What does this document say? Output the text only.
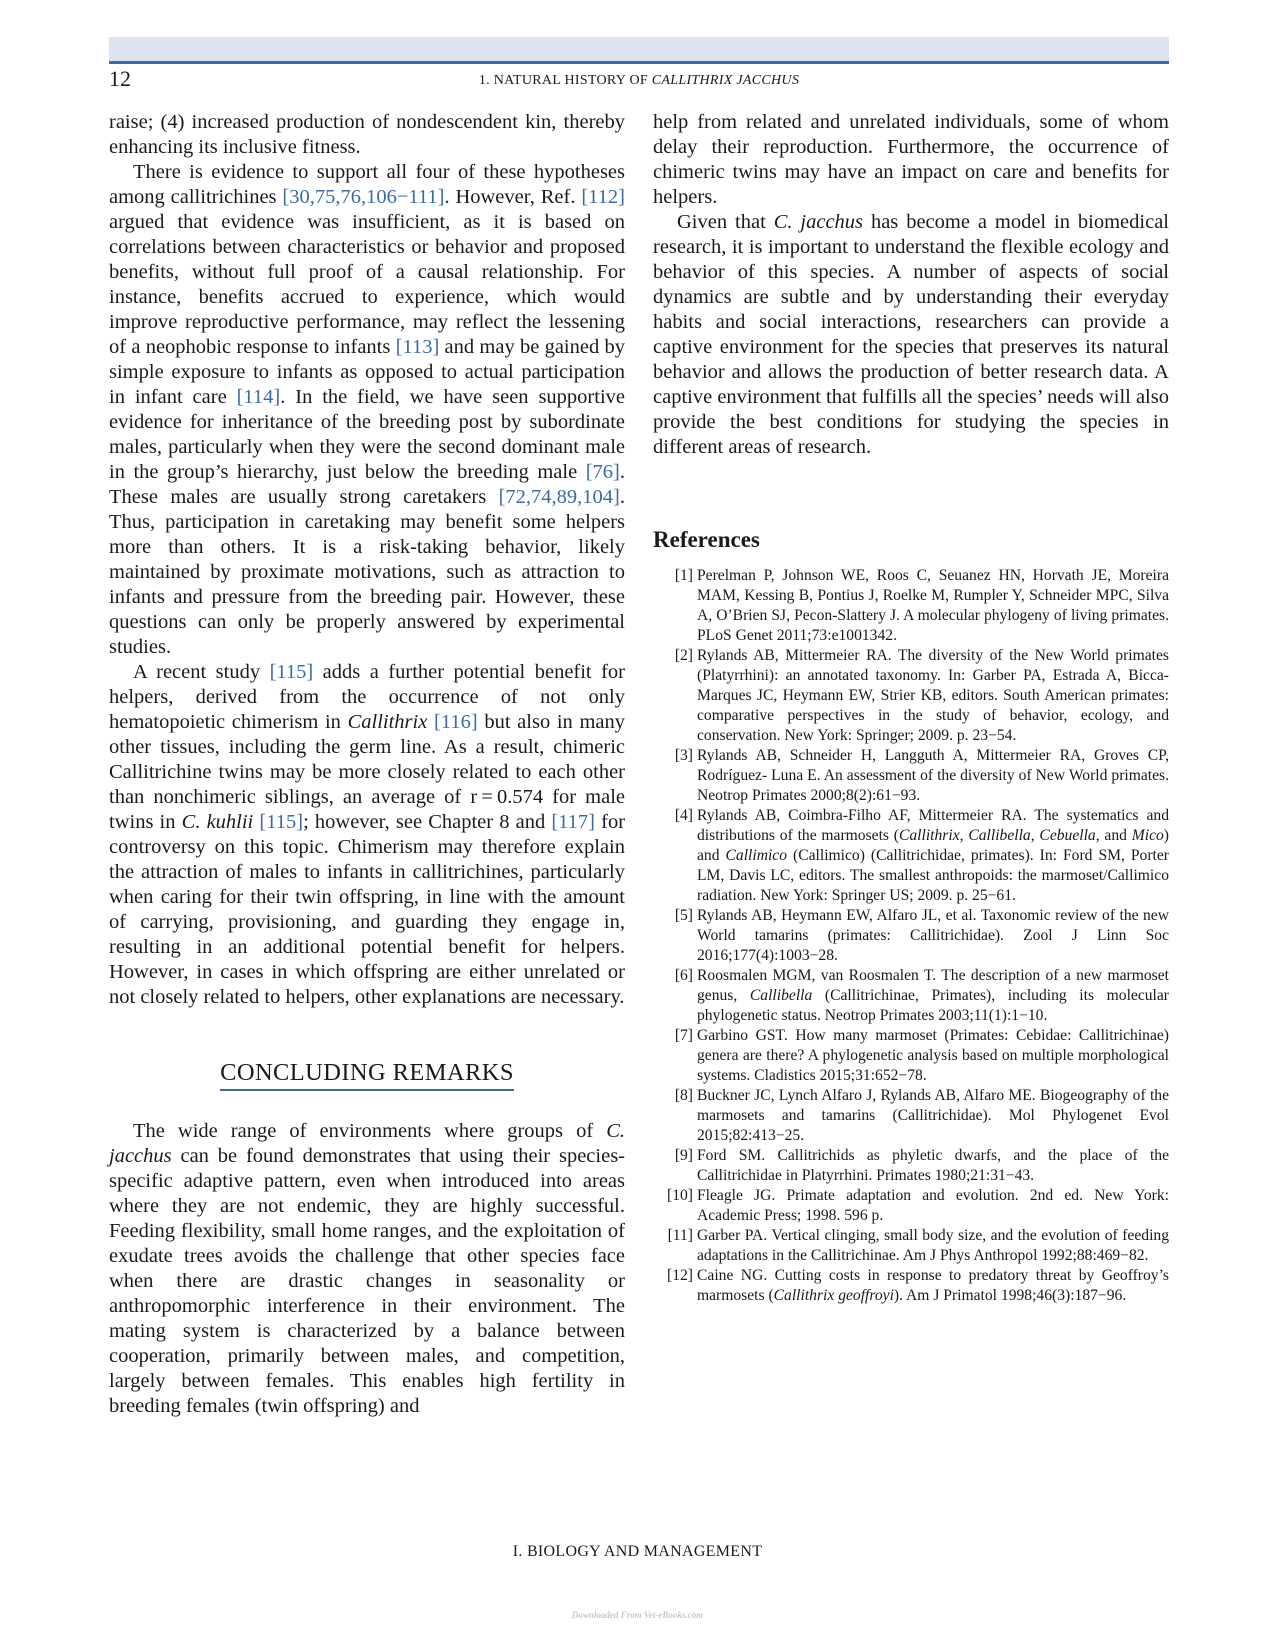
12	1. NATURAL HISTORY OF CALLITHRIX JACCHUS

raise; (4) increased production of nondescendent kin, thereby enhancing its inclusive fitness.

There is evidence to support all four of these hypotheses among callitrichines [30,75,76,106−111]. However, Ref. [112] argued that evidence was insufficient, as it is based on correlations between characteristics or behavior and proposed benefits, without full proof of a causal relationship. For instance, benefits accrued to experience, which would improve reproductive performance, may reflect the lessening of a neophobic response to infants [113] and may be gained by simple exposure to infants as opposed to actual participation in infant care [114]. In the field, we have seen supportive evidence for inheritance of the breeding post by subordinate males, particularly when they were the second dominant male in the group’s hierarchy, just below the breeding male [76]. These males are usually strong caretakers [72,74,89,104]. Thus, participation in caretaking may benefit some helpers more than others. It is a risk-taking behavior, likely maintained by proximate motivations, such as attraction to infants and pressure from the breeding pair. However, these questions can only be properly answered by experimental studies.

A recent study [115] adds a further potential benefit for helpers, derived from the occurrence of not only hematopoietic chimerism in Callithrix [116] but also in many other tissues, including the germ line. As a result, chimeric Callitrichine twins may be more closely related to each other than nonchimeric siblings, an average of r = 0.574 for male twins in C. kuhlii [115]; however, see Chapter 8 and [117] for controversy on this topic. Chimerism may therefore explain the attraction of males to infants in callitrichines, particularly when caring for their twin offspring, in line with the amount of carrying, provisioning, and guarding they engage in, resulting in an additional potential benefit for helpers. However, in cases in which offspring are either unrelated or not closely related to helpers, other explanations are necessary.

CONCLUDING REMARKS

The wide range of environments where groups of C. jacchus can be found demonstrates that using their species-specific adaptive pattern, even when introduced into areas where they are not endemic, they are highly successful. Feeding flexibility, small home ranges, and the exploitation of exudate trees avoids the challenge that other species face when there are drastic changes in seasonality or anthropomorphic interference in their environment. The mating system is characterized by a balance between cooperation, primarily between males, and competition, largely between females. This enables high fertility in breeding females (twin offspring) and

help from related and unrelated individuals, some of whom delay their reproduction. Furthermore, the occurrence of chimeric twins may have an impact on care and benefits for helpers.

Given that C. jacchus has become a model in biomedical research, it is important to understand the flexible ecology and behavior of this species. A number of aspects of social dynamics are subtle and by understanding their everyday habits and social interactions, researchers can provide a captive environment for the species that preserves its natural behavior and allows the production of better research data. A captive environment that fulfills all the species’ needs will also provide the best conditions for studying the species in different areas of research.

References
[1] Perelman P, Johnson WE, Roos C, Seuanez HN, Horvath JE, Moreira MAM, Kessing B, Pontius J, Roelke M, Rumpler Y, Schneider MPC, Silva A, O’Brien SJ, Pecon-Slattery J. A molecular phylogeny of living primates. PLoS Genet 2011;73:e1001342.
[2] Rylands AB, Mittermeier RA. The diversity of the New World primates (Platyrrhini): an annotated taxonomy. In: Garber PA, Estrada A, Bicca-Marques JC, Heymann EW, Strier KB, editors. South American primates: comparative perspectives in the study of behavior, ecology, and conservation. New York: Springer; 2009. p. 23−54.
[3] Rylands AB, Schneider H, Langguth A, Mittermeier RA, Groves CP, Rodríguez- Luna E. An assessment of the diversity of New World primates. Neotrop Primates 2000;8(2):61−93.
[4] Rylands AB, Coimbra-Filho AF, Mittermeier RA. The systematics and distributions of the marmosets (Callithrix, Callibella, Cebuella, and Mico) and Callimico (Callimico) (Callitrichidae, primates). In: Ford SM, Porter LM, Davis LC, editors. The smallest anthropoids: the marmoset/Callimico radiation. New York: Springer US; 2009. p. 25−61.
[5] Rylands AB, Heymann EW, Alfaro JL, et al. Taxonomic review of the new World tamarins (primates: Callitrichidae). Zool J Linn Soc 2016;177(4):1003−28.
[6] Roosmalen MGM, van Roosmalen T. The description of a new marmoset genus, Callibella (Callitrichinae, Primates), including its molecular phylogenetic status. Neotrop Primates 2003;11(1):1−10.
[7] Garbino GST. How many marmoset (Primates: Cebidae: Callitrichinae) genera are there? A phylogenetic analysis based on multiple morphological systems. Cladistics 2015;31:652−78.
[8] Buckner JC, Lynch Alfaro J, Rylands AB, Alfaro ME. Biogeography of the marmosets and tamarins (Callitrichidae). Mol Phylogenet Evol 2015;82:413−25.
[9] Ford SM. Callitrichids as phyletic dwarfs, and the place of the Callitrichidae in Platyrrhini. Primates 1980;21:31−43.
[10] Fleagle JG. Primate adaptation and evolution. 2nd ed. New York: Academic Press; 1998. 596 p.
[11] Garber PA. Vertical clinging, small body size, and the evolution of feeding adaptations in the Callitrichinae. Am J Phys Anthropol 1992;88:469−82.
[12] Caine NG. Cutting costs in response to predatory threat by Geoffroy’s marmosets (Callithrix geoffroyi). Am J Primatol 1998;46(3):187−96.
I. BIOLOGY AND MANAGEMENT
Downloaded From Vet-eBooks.com
